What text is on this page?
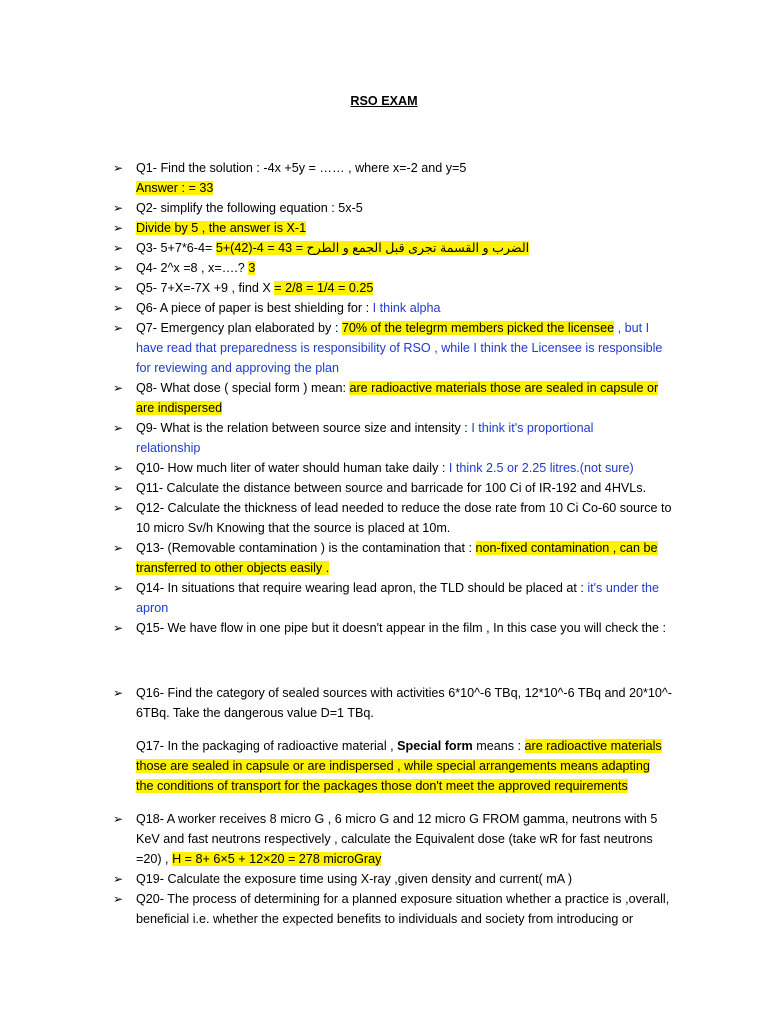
RSO EXAM
➢ Q1- Find the solution : -4x +5y = …… , where x=-2 and y=5
Answer : = 33
➢ Q2- simplify the following equation : 5x-5
➢ Divide by 5 , the answer is X-1
➢ Q3- 5+7*6-4= 5+(42)-4 = 43 = الضرب و القسمة تجرى قبل الجمع و الطرح
➢ Q4- 2^x =8 , x=….? 3
➢ Q5- 7+X=-7X +9 , find X = 2/8 = 1/4 = 0.25
➢ Q6- A piece of paper is best shielding for : I think alpha
➢ Q7- Emergency plan elaborated by : 70% of the telegrm members picked the licensee , but I
have read that preparedness is responsibility of RSO , while I think the Licensee is responsible
for reviewing and approving the plan
➢ Q8- What dose ( special form ) mean: are radioactive materials those are sealed in capsule or
are indispersed
➢ Q9- What is the relation between source size and intensity : I think it's proportional
relationship
➢ Q10- How much liter of water should human take daily : I think 2.5 or 2.25 litres.(not sure)
➢ Q11- Calculate the distance between source and barricade for 100 Ci of IR-192 and 4HVLs.
➢ Q12- Calculate the thickness of lead needed to reduce the dose rate from 10 Ci Co-60 source to
10 micro Sv/h Knowing that the source is placed at 10m.
➢ Q13- (Removable contamination ) is the contamination that : non-fixed contamination , can be
transferred to other objects easily .
➢ Q14- In situations that require wearing lead apron, the TLD should be placed at : it's under the
apron
➢ Q15- We have flow in one pipe but it doesn't appear in the film , In this case you will check the :
➢ Q16- Find the category of sealed sources with activities 6*10^-6 TBq, 12*10^-6 TBq and 20*10^-
6TBq. Take the dangerous value D=1 TBq.
Q17- In the packaging of radioactive material , Special form means : are radioactive materials
those are sealed in capsule or are indispersed , while special arrangements means adapting
the conditions of transport for the packages those don't meet the approved requirements
➢ Q18- A worker receives 8 micro G , 6 micro G and 12 micro G FROM gamma, neutrons with 5
KeV and fast neutrons respectively , calculate the Equivalent dose (take wR for fast neutrons
=20) , H = 8+ 6×5 + 12×20 = 278 microGray
➢ Q19- Calculate the exposure time using X-ray ,given density and current( mA )
➢ Q20- The process of determining for a planned exposure situation whether a practice is ,overall,
beneficial i.e. whether the expected benefits to individuals and society from introducing or
